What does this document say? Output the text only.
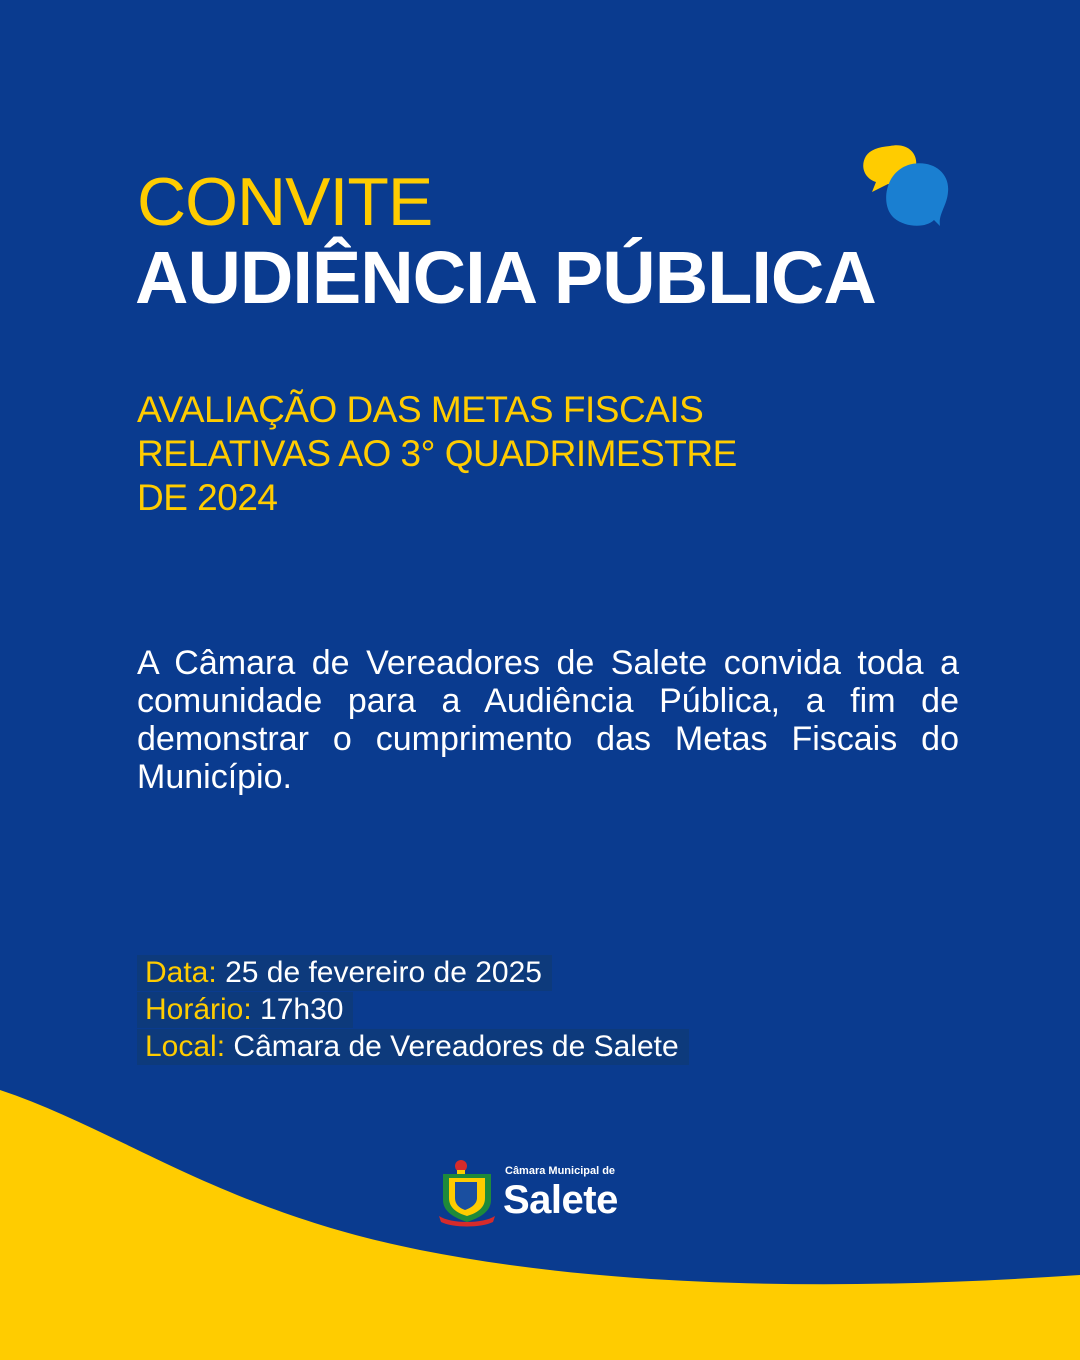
CONVITE
AUDIÊNCIA PÚBLICA
AVALIAÇÃO DAS METAS FISCAIS
RELATIVAS AO 3° QUADRIMESTRE
DE 2024

A Câmara de Vereadores de Salete convida toda a comunidade para a Audiência Pública, a fim de demonstrar o cumprimento das Metas Fiscais do Município.

Data: 25 de fevereiro de 2025
Horário: 17h30
Local: Câmara de Vereadores de Salete
Câmara Municipal de
Salete
